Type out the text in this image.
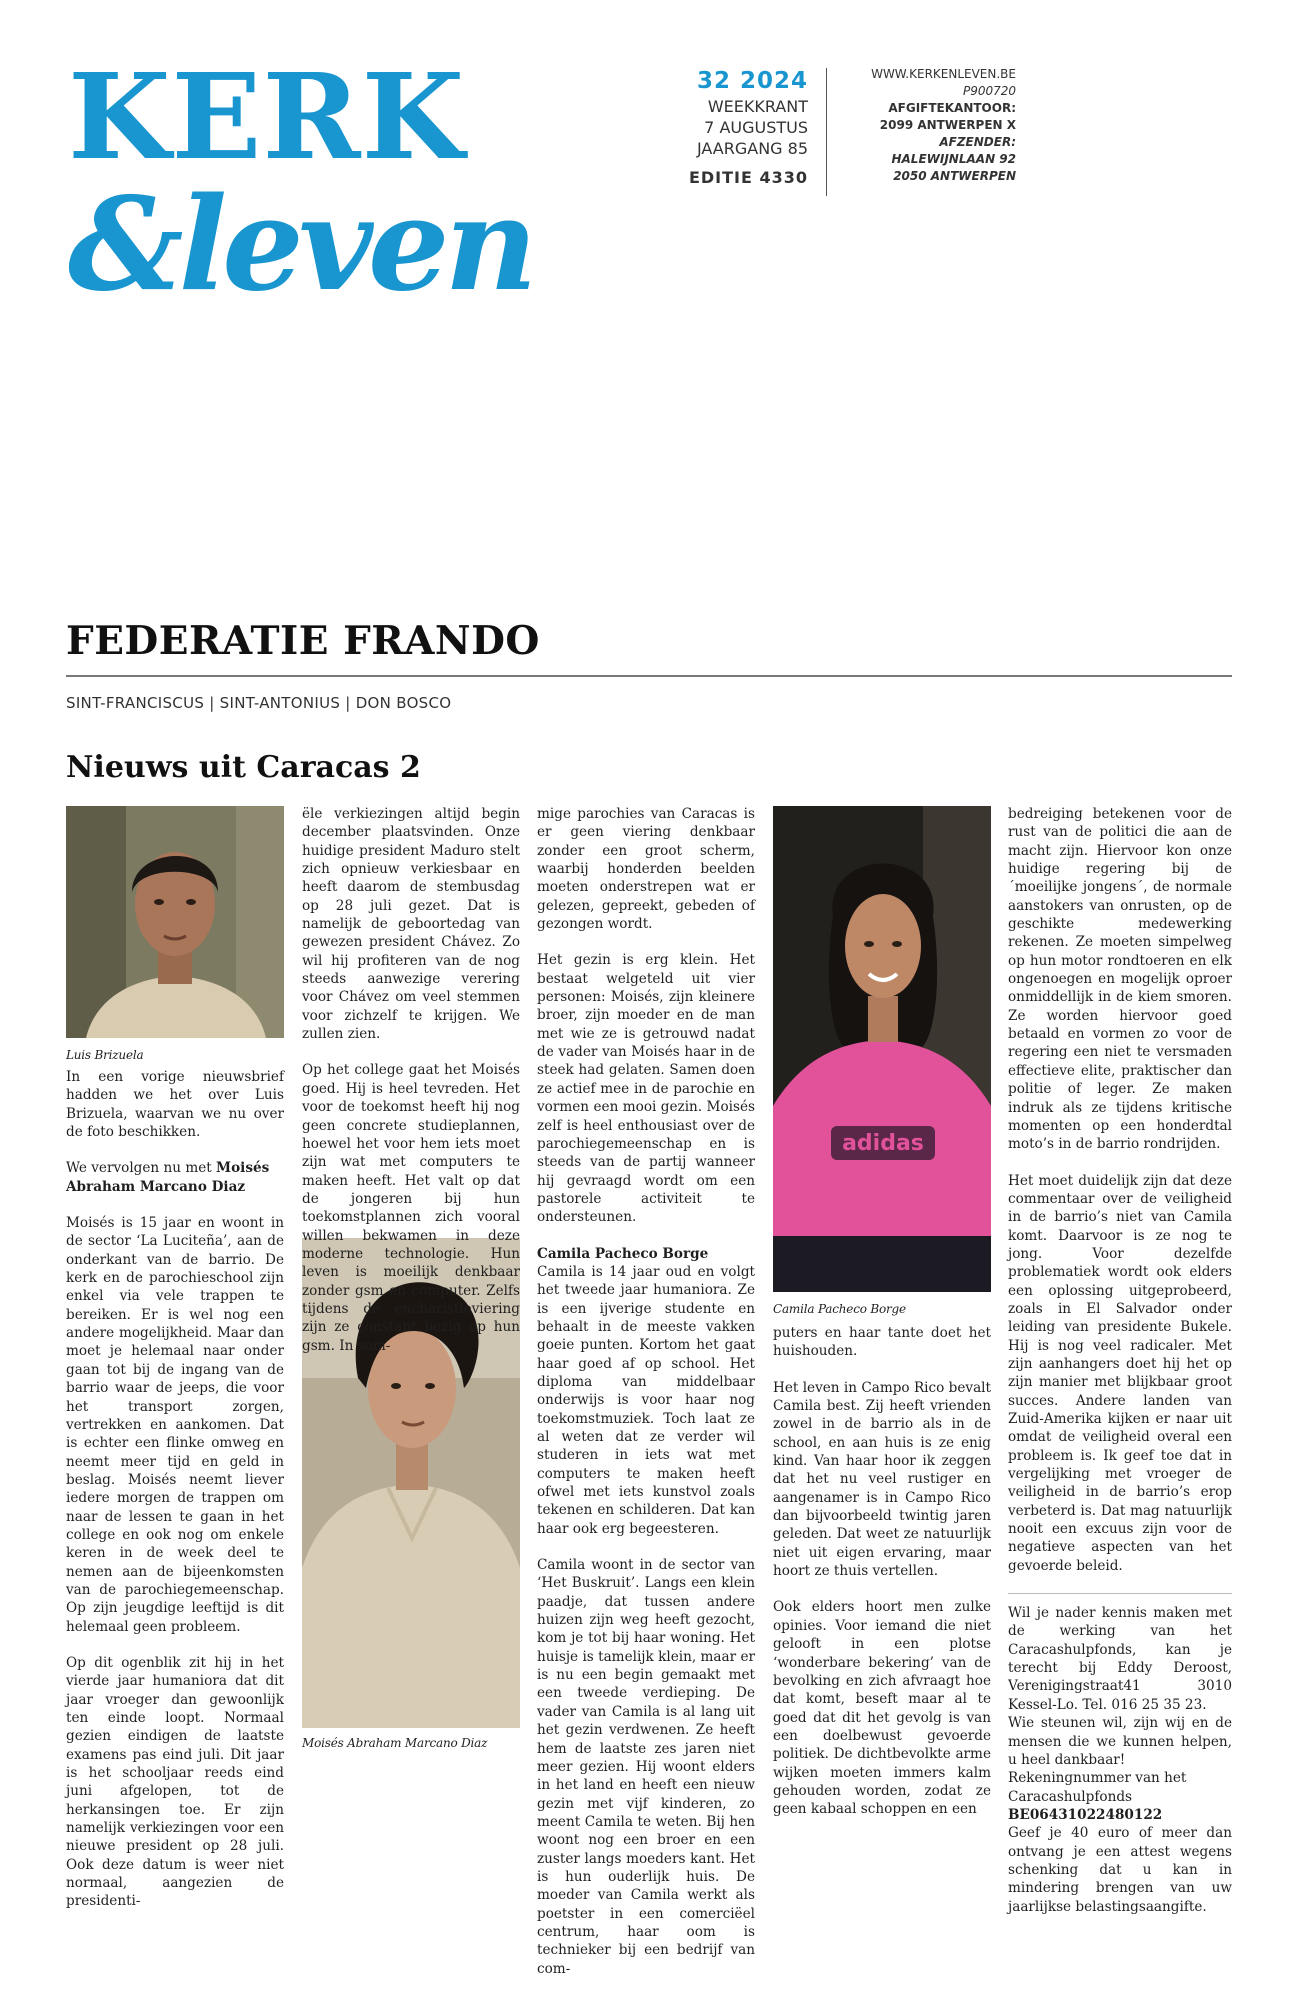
KERK
&leven
32 2024
WEEKKRANT
7 AUGUSTUS
JAARGANG 85
EDITIE 4330
WWW.KERKENLEVEN.BE
P900720
AFGIFTEKANTOOR:
2099 ANTWERPEN X
AFZENDER:
HALEWIJNLAAN 92
2050 ANTWERPEN
FEDERATIE FRANDO
SINT-FRANCISCUS | SINT-ANTONIUS | DON BOSCO
Nieuws uit Caracas 2
Luis Brizuela
Moisés Abraham Marcano Diaz
adidas
Camila Pacheco Borge

In een vorige nieuwsbrief hadden we het over Luis Brizuela, waarvan we nu over de foto beschikken.

We vervolgen nu met Moisés Abraham Marcano Diaz

Moisés is 15 jaar en woont in de sector ‘La Luciteña’, aan de onderkant van de barrio. De kerk en de parochieschool zijn enkel via vele trappen te bereiken. Er is wel nog een andere mogelijkheid. Maar dan moet je helemaal naar onder gaan tot bij de ingang van de barrio waar de jeeps, die voor het transport zorgen, vertrekken en aankomen. Dat is echter een flinke omweg en neemt meer tijd en geld in beslag. Moisés neemt liever iedere morgen de trappen om naar de lessen te gaan in het college en ook nog om enkele keren in de week deel te nemen aan de bijeenkomsten van de parochiegemeenschap. Op zijn jeugdige leeftijd is dit helemaal geen probleem.

Op dit ogenblik zit hij in het vierde jaar humaniora dat dit jaar vroeger dan gewoonlijk ten einde loopt. Normaal gezien eindigen de laatste examens pas eind juli. Dit jaar is het schooljaar reeds eind juni afgelopen, tot de herkansingen toe. Er zijn namelijk verkiezingen voor een nieuwe president op 28 juli. Ook deze datum is weer niet normaal, aangezien de presidenti-

ële verkiezingen altijd begin december plaatsvinden. Onze huidige president Maduro stelt zich opnieuw verkiesbaar en heeft daarom de stembusdag op 28 juli gezet. Dat is namelijk de geboortedag van gewezen president Chávez. Zo wil hij profiteren van de nog steeds aanwezige verering voor Chávez om veel stemmen voor zichzelf te krijgen. We zullen zien.

Op het college gaat het Moisés goed. Hij is heel tevreden. Het voor de toekomst heeft hij nog geen concrete studieplannen, hoewel het voor hem iets moet zijn wat met computers te maken heeft. Het valt op dat de jongeren bij hun toekomstplannen zich vooral willen bekwamen in deze moderne technologie. Hun leven is moeilijk denkbaar zonder gsm en computer. Zelfs tijdens de eucharistieviering zijn ze constant bezig op hun gsm. In som-

mige parochies van Caracas is er geen viering denkbaar zonder een groot scherm, waarbij honderden beelden moeten onderstrepen wat er gelezen, gepreekt, gebeden of gezongen wordt.

Het gezin is erg klein. Het bestaat welgeteld uit vier personen: Moisés, zijn kleinere broer, zijn moeder en de man met wie ze is getrouwd nadat de vader van Moisés haar in de steek had gelaten. Samen doen ze actief mee in de parochie en vormen een mooi gezin. Moisés zelf is heel enthousiast over de parochiegemeenschap en is steeds van de partij wanneer hij gevraagd wordt om een pastorele activiteit te ondersteunen.

Camila Pacheco Borge

Camila is 14 jaar oud en volgt het tweede jaar humaniora. Ze is een ijverige studente en behaalt in de meeste vakken goeie punten. Kortom het gaat haar goed af op school. Het diploma van middelbaar onderwijs is voor haar nog toekomstmuziek. Toch laat ze al weten dat ze verder wil studeren in iets wat met computers te maken heeft ofwel met iets kunstvol zoals tekenen en schilderen. Dat kan haar ook erg begeesteren.

Camila woont in de sector van ‘Het Buskruit’. Langs een klein paadje, dat tussen andere huizen zijn weg heeft gezocht, kom je tot bij haar woning. Het huisje is tamelijk klein, maar er is nu een begin gemaakt met een tweede verdieping. De vader van Camila is al lang uit het gezin verdwenen. Ze heeft hem de laatste zes jaren niet meer gezien. Hij woont elders in het land en heeft een nieuw gezin met vijf kinderen, zo meent Camila te weten. Bij hen woont nog een broer en een zuster langs moeders kant. Het is hun ouderlijk huis. De moeder van Camila werkt als poetster in een comerciëel centrum, haar oom is technieker bij een bedrijf van com-

puters en haar tante doet het huishouden.

Het leven in Campo Rico bevalt Camila best. Zij heeft vrienden zowel in de barrio als in de school, en aan huis is ze enig kind. Van haar hoor ik zeggen dat het nu veel rustiger en aangenamer is in Campo Rico dan bijvoorbeeld twintig jaren geleden. Dat weet ze natuurlijk niet uit eigen ervaring, maar hoort ze thuis vertellen.

Ook elders hoort men zulke opinies. Voor iemand die niet gelooft in een plotse ‘wonderbare bekering’ van de bevolking en zich afvraagt hoe dat komt, beseft maar al te goed dat dit het gevolg is van een doelbewust gevoerde politiek. De dichtbevolkte arme wijken moeten immers kalm gehouden worden, zodat ze geen kabaal schoppen en een

bedreiging betekenen voor de rust van de politici die aan de macht zijn. Hiervoor kon onze huidige regering bij de ´moeilijke jongens´, de normale aanstokers van onrusten, op de geschikte medewerking rekenen. Ze moeten simpelweg op hun motor rondtoeren en elk ongenoegen en mogelijk oproer onmiddellijk in de kiem smoren. Ze worden hiervoor goed betaald en vormen zo voor de regering een niet te versmaden effectieve elite, praktischer dan politie of leger. Ze maken indruk als ze tijdens kritische momenten op een honderdtal moto’s in de barrio rondrijden.

Het moet duidelijk zijn dat deze commentaar over de veiligheid in de barrio’s niet van Camila komt. Daarvoor is ze nog te jong. Voor dezelfde problematiek wordt ook elders een oplossing uitgeprobeerd, zoals in El Salvador onder leiding van presidente Bukele. Hij is nog veel radicaler. Met zijn aanhangers doet hij het op zijn manier met blijkbaar groot succes. Andere landen van Zuid-Amerika kijken er naar uit omdat de veiligheid overal een probleem is. Ik geef toe dat in vergelijking met vroeger de veiligheid in de barrio’s erop verbeterd is. Dat mag natuurlijk nooit een excuus zijn voor de negatieve aspecten van het gevoerde beleid.

Wil je nader kennis maken met de werking van het Caracashulpfonds, kan je terecht bij Eddy Deroost, Verenigingstraat41 3010 Kessel-Lo. Tel. 016 25 35 23.

Wie steunen wil, zijn wij en de mensen die we kunnen helpen, u heel dankbaar!

Rekeningnummer van het Caracashulpfonds

BE06431022480122

Geef je 40 euro of meer dan ontvang je een attest wegens schenking dat u kan in mindering brengen van uw jaarlijkse belastingsaangifte.
